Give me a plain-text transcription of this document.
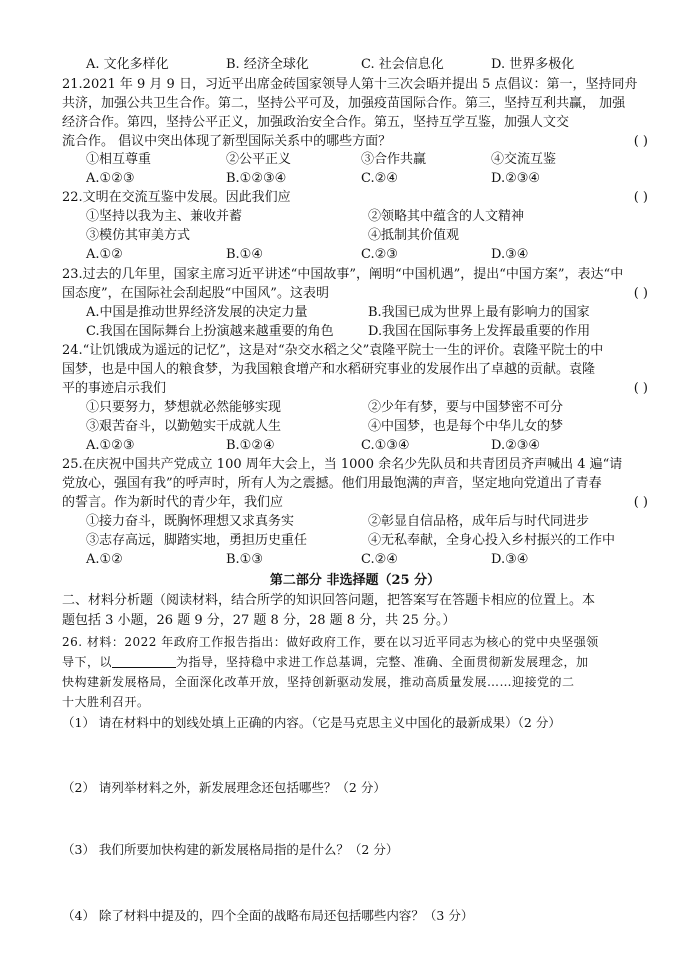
A. 文化多样化	B. 经济全球化	C. 社会信息化	D. 世界多极化
21.2021 年 9 月 9 日，习近平出席金砖国家领导人第十三次会晤并提出 5 点倡议：第一，坚持同舟
共济，加强公共卫生合作。第二，坚持公平可及，加强疫苗国际合作。第三，坚持互利共赢， 加强
经济合作。第四，坚持公平正义，加强政治安全合作。第五，坚持互学互鉴，加强人文交
流合作。 倡议中突出体现了新型国际关系中的哪些方面？	( )
①相互尊重	②公平正义	③合作共赢	④交流互鉴
A.①②③	B.①②③④	C.②④	D.②③④
22.文明在交流互鉴中发展。因此我们应	( )
①坚持以我为主、兼收并蓄	②领略其中蕴含的人文精神
③模仿其审美方式	④抵制其价值观
A.①②	B.①④	C.②③	D.③④
23.过去的几年里，国家主席习近平讲述“中国故事”，阐明“中国机遇”，提出“中国方案”，表达“中
国态度”，在国际社会刮起股“中国风”。这表明	( )
A.中国是推动世界经济发展的决定力量	B.我国已成为世界上最有影响力的国家
C.我国在国际舞台上扮演越来越重要的角色	D.我国在国际事务上发挥最重要的作用
24.“让饥饿成为遥远的记忆”，这是对“杂交水稻之父”袁隆平院士一生的评价。袁隆平院士的中
国梦，也是中国人的粮食梦，为我国粮食增产和水稻研究事业的发展作出了卓越的贡献。袁隆
平的事迹启示我们	( )
①只要努力，梦想就必然能够实现	②少年有梦，要与中国梦密不可分
③艰苦奋斗，以勤勉实干成就人生	④中国梦，也是每个中华儿女的梦
A.①②③	B.①②④	C.①③④	D.②③④
25.在庆祝中国共产党成立 100 周年大会上，当 1000 余名少先队员和共青团员齐声喊出 4 遍“请
党放心，强国有我”的呼声时，所有人为之震撼。他们用最饱满的声音，坚定地向党道出了青春
的誓言。作为新时代的青少年，我们应	( )
①接力奋斗，既胸怀理想又求真务实	②彰显自信品格，成年后与时代同进步
③志存高远，脚踏实地，勇担历史重任	④无私奉献，全身心投入乡村振兴的工作中
A.①②	B.①③	C.②④	D.③④
第二部分 非选择题（25 分）
二、材料分析题（阅读材料，结合所学的知识回答问题，把答案写在答题卡相应的位置上。本
题包括 3 小题，26 题 9 分，27 题 8 分，28 题 8 分，共 25 分。）
26. 材料：2022 年政府工作报告指出：做好政府工作，要在以习近平同志为核心的党中央坚强领
导下，以	为指导，坚持稳中求进工作总基调，完整、准确、全面贯彻新发展理念，加
快构建新发展格局，全面深化改革开放，坚持创新驱动发展，推动高质量发展……迎接党的二
十大胜利召开。
（1） 请在材料中的划线处填上正确的内容。（它是马克思主义中国化的最新成果）（2 分）
（2） 请列举材料之外，新发展理念还包括哪些？（2 分）
（3） 我们所要加快构建的新发展格局指的是什么？（2 分）
（4） 除了材料中提及的，四个全面的战略布局还包括哪些内容？（3 分）
